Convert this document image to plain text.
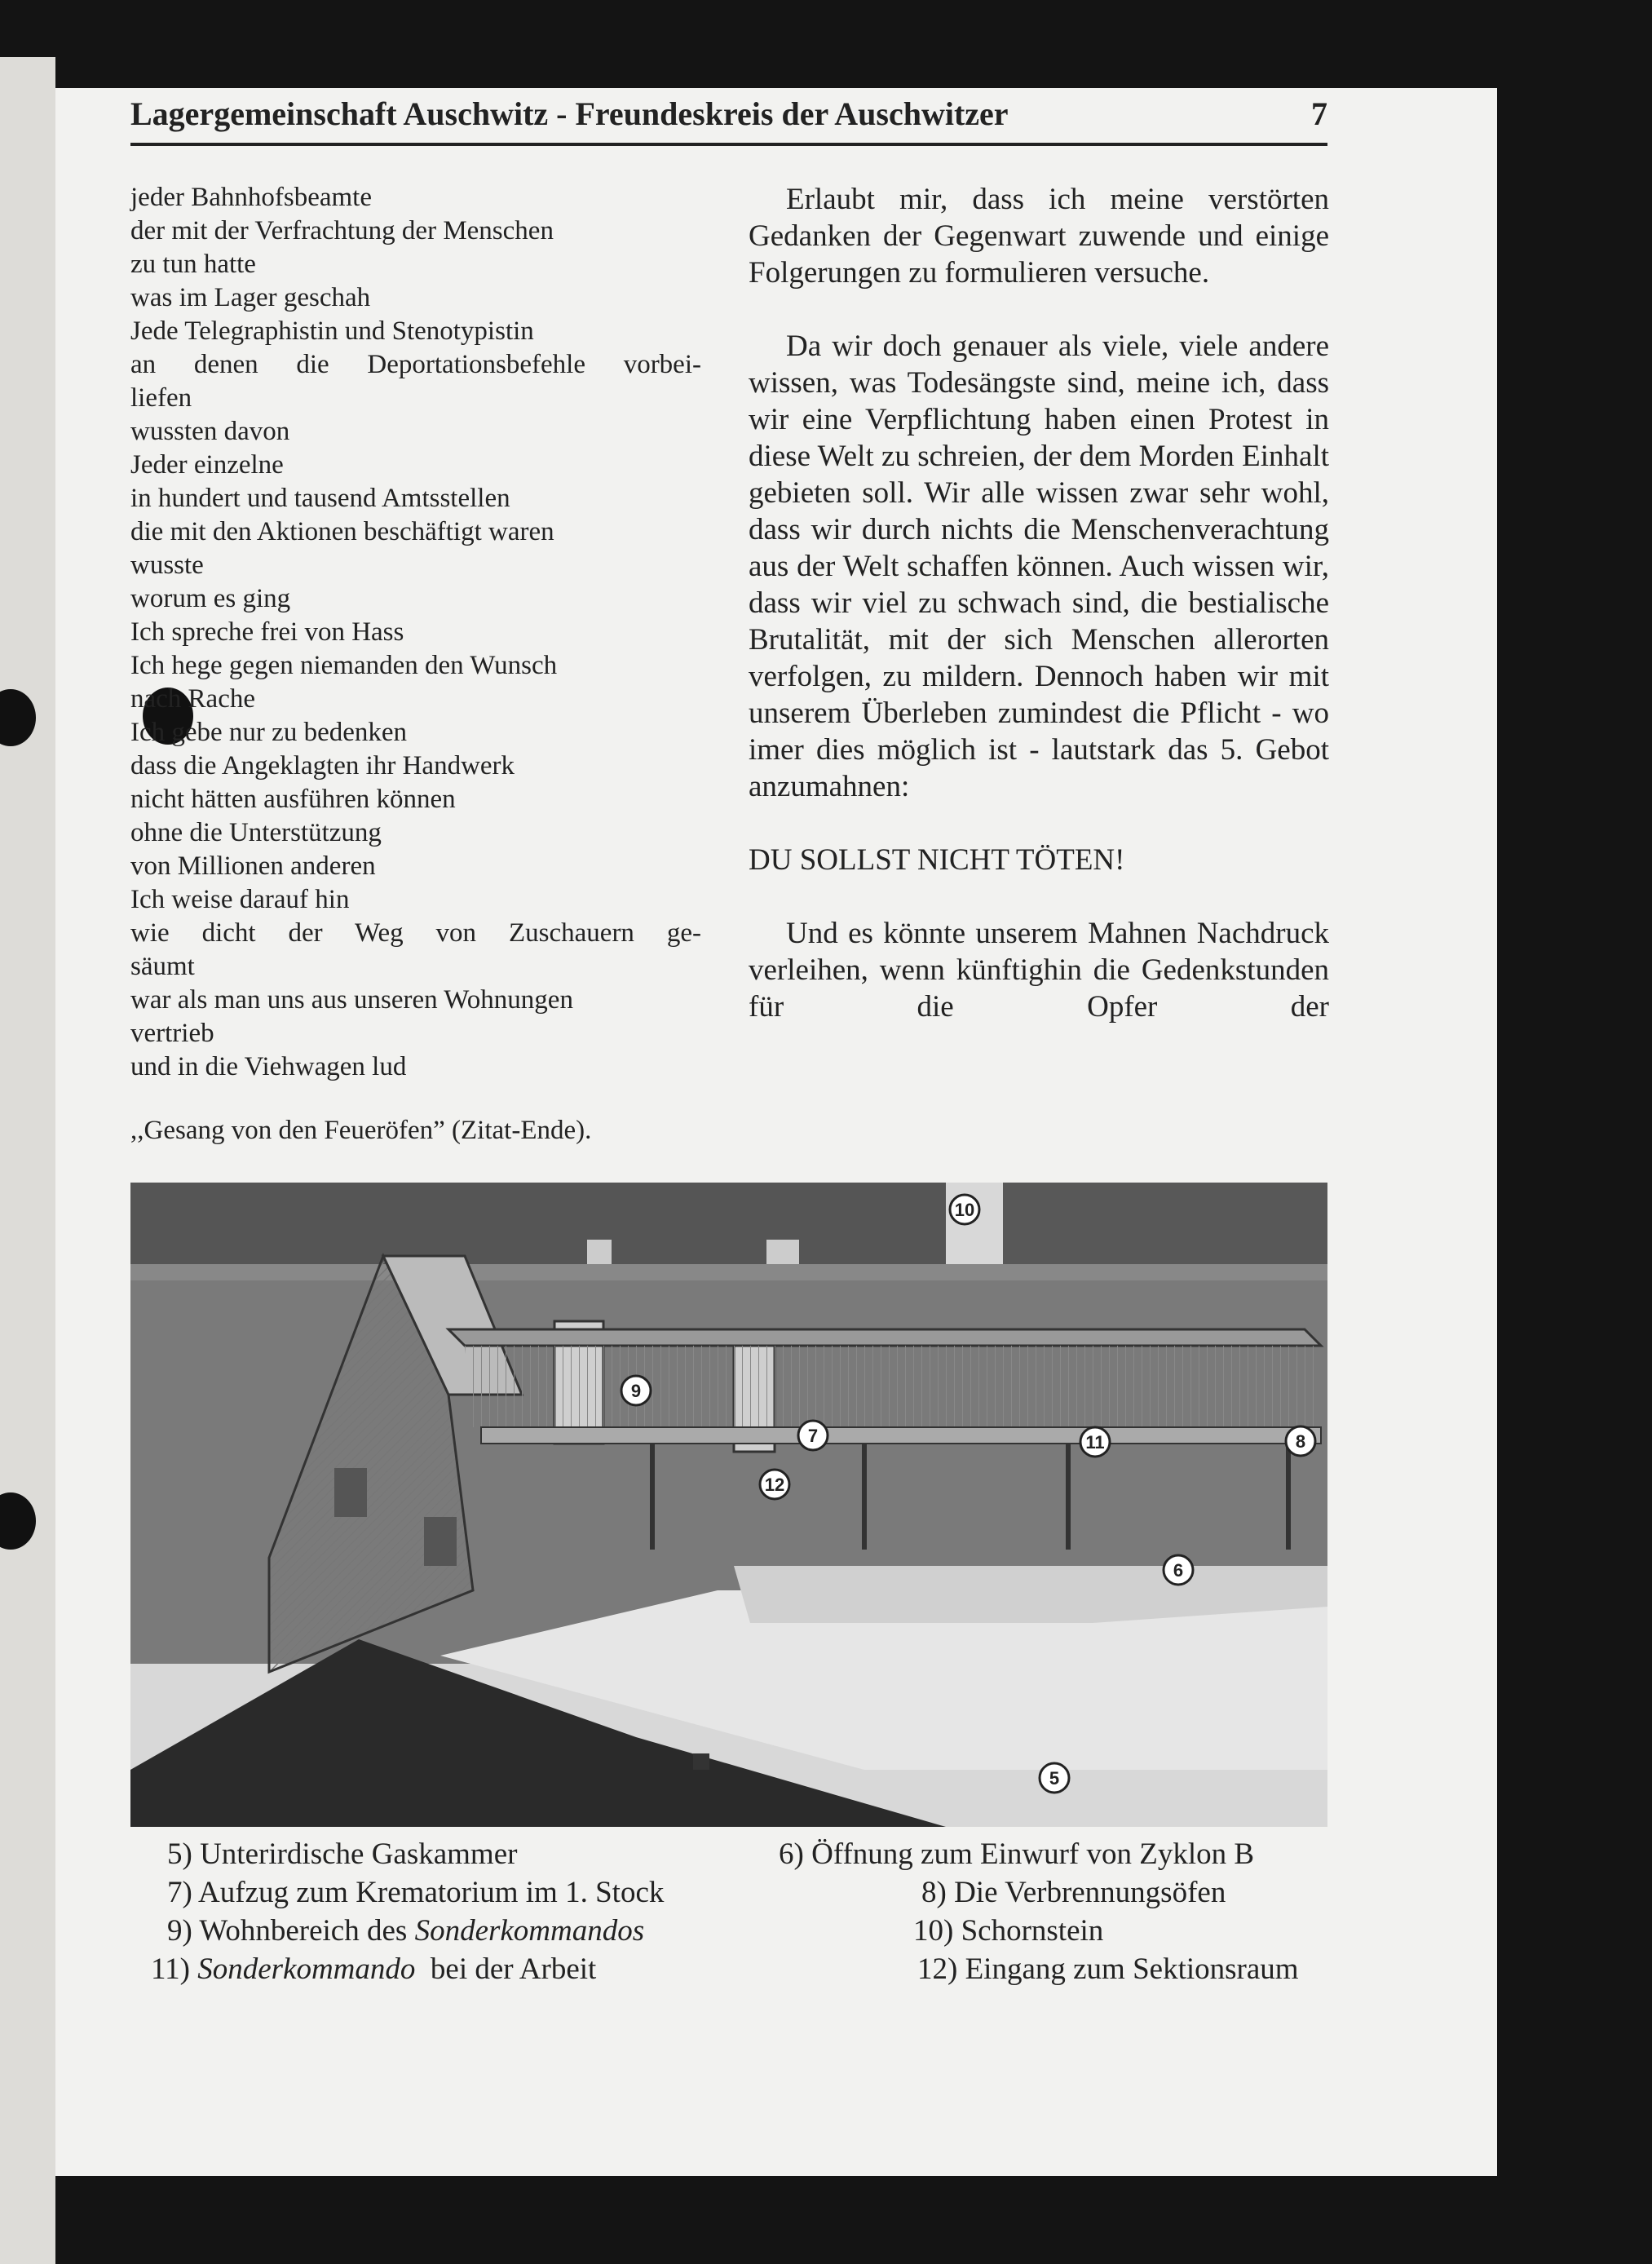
Lagergemeinschaft Auschwitz - Freundeskreis der Auschwitzer	7
jeder Bahnhofsbeamte
der mit der Verfrachtung der Menschen
zu tun hatte
was im Lager geschah
Jede Telegraphistin und Stenotypistin
an denen die Deportationsbefehle vorbei-
liefen
wussten davon
Jeder einzelne
in hundert und tausend Amtsstellen
die mit den Aktionen beschäftigt waren
wusste
worum es ging
Ich spreche frei von Hass
Ich hege gegen niemanden den Wunsch
nach Rache
Ich gebe nur zu bedenken
dass die Angeklagten ihr Handwerk
nicht hätten ausführen können
ohne die Unterstützung
von Millionen anderen
Ich weise darauf hin
wie dicht der Weg von Zuschauern ge-
säumt
war als man uns aus unseren Wohnungen
vertrieb
und in die Viehwagen lud
,,Gesang von den Feueröfen” (Zitat-Ende).

Erlaubt mir, dass ich meine verstörten Gedanken der Gegenwart zuwende und einige Folgerungen zu formulieren versuche.

Da wir doch genauer als viele, viele andere wissen, was Todesängste sind, meine ich, dass wir eine Verpflichtung haben einen Protest in diese Welt zu schreien, der dem Morden Einhalt gebieten soll. Wir alle wissen zwar sehr wohl, dass wir durch nichts die Menschenverachtung aus der Welt schaffen können. Auch wissen wir, dass wir viel zu schwach sind, die bestialische Brutalität, mit der sich Menschen allerorten verfolgen, zu mildern. Dennoch haben wir mit unserem Überleben zumindest die Pflicht - wo imer dies möglich ist - lautstark das 5. Gebot anzumahnen:

DU SOLLST NICHT TÖTEN!

Und es könnte unserem Mahnen Nachdruck verleihen, wenn künftighin die Gedenkstunden für die Opfer der

5
6
7	8
9
10
11
12
5) Unterirdische Gaskammer	6) Öffnung zum Einwurf von Zyklon B
7) Aufzug zum Krematorium im 1. Stock	8) Die Verbrennungsöfen
9) Wohnbereich des Sonderkommandos	10) Schornstein
11) Sonderkommando  bei der Arbeit	12) Eingang zum Sektionsraum
